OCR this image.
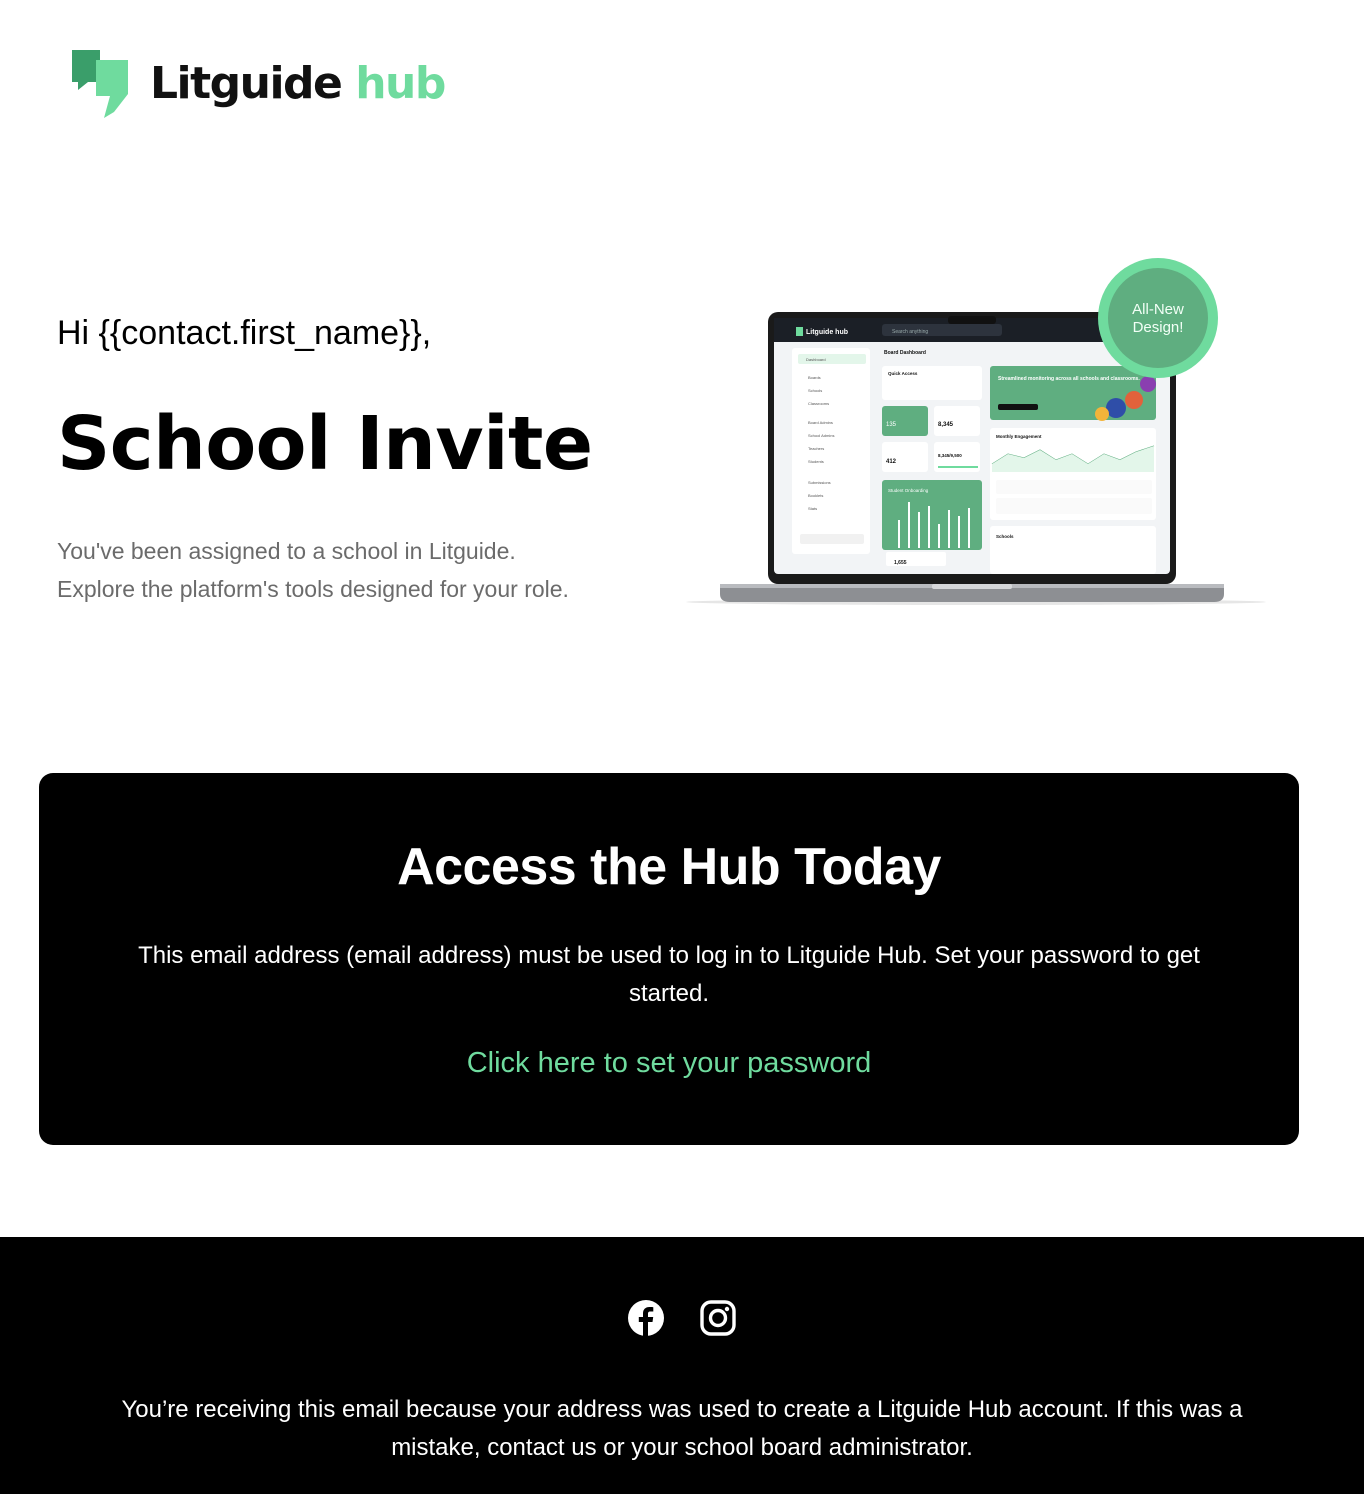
Litguide hub
Hi {{contact.first_name}},
School Invite
You've been assigned to a school in Litguide.
Explore the platform's tools designed for your role.
Litguide hub	Search anything
Dashboard
Boards
Schools
Classrooms
Board Admins
School Admins
Teachers
Students
Submissions
Booklets
Stats
Board Dashboard
Quick Access
135	8,345
412
8,345/9,500
Student Onboarding
1,655
Streamlined monitoring across all schools and classrooms.
Monthly Engagement
Schools
All-New
Design!
Access the Hub Today

This email address (email address) must be used to log in to Litguide Hub. Set your password to get started.

Click here to set your password

You’re receiving this email because your address was used to create a Litguide Hub account. If this was a mistake, contact us or your school board administrator.
